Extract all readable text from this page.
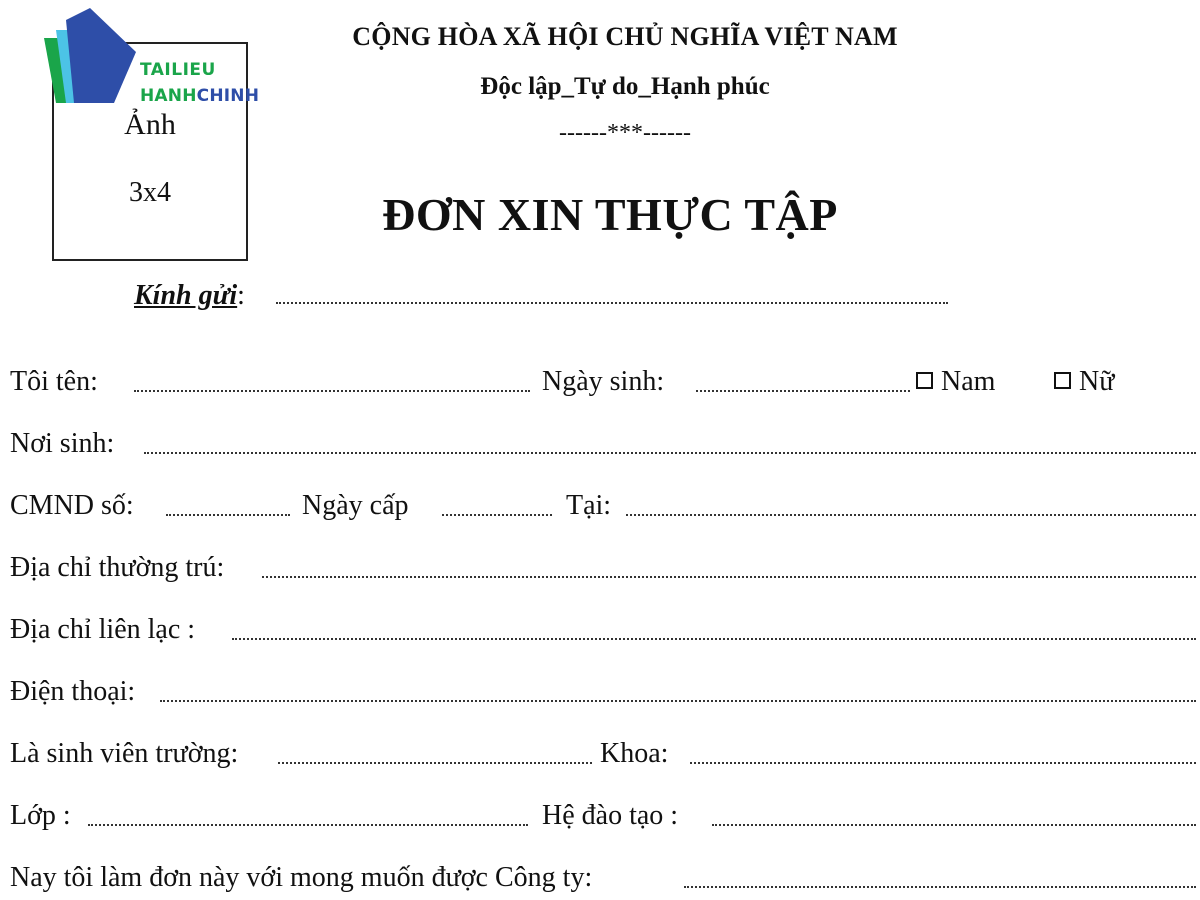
Ảnh
3x4
TAILIEU
HANHCHINH
CỘNG HÒA XÃ HỘI CHỦ NGHĨA VIỆT NAM
Độc lập_Tự do_Hạnh phúc
------***------
ĐƠN XIN THỰC TẬP
Kính gửi:
Tôi tên:	Ngày sinh:	Nam	Nữ
Nơi sinh:
CMND số:	Ngày cấp	Tại:
Địa chỉ thường trú:
Địa chỉ liên lạc :
Điện thoại:
Là sinh viên trường:	Khoa:
Lớp :	Hệ đào tạo :
Nay tôi làm đơn này với mong muốn được Công ty:
